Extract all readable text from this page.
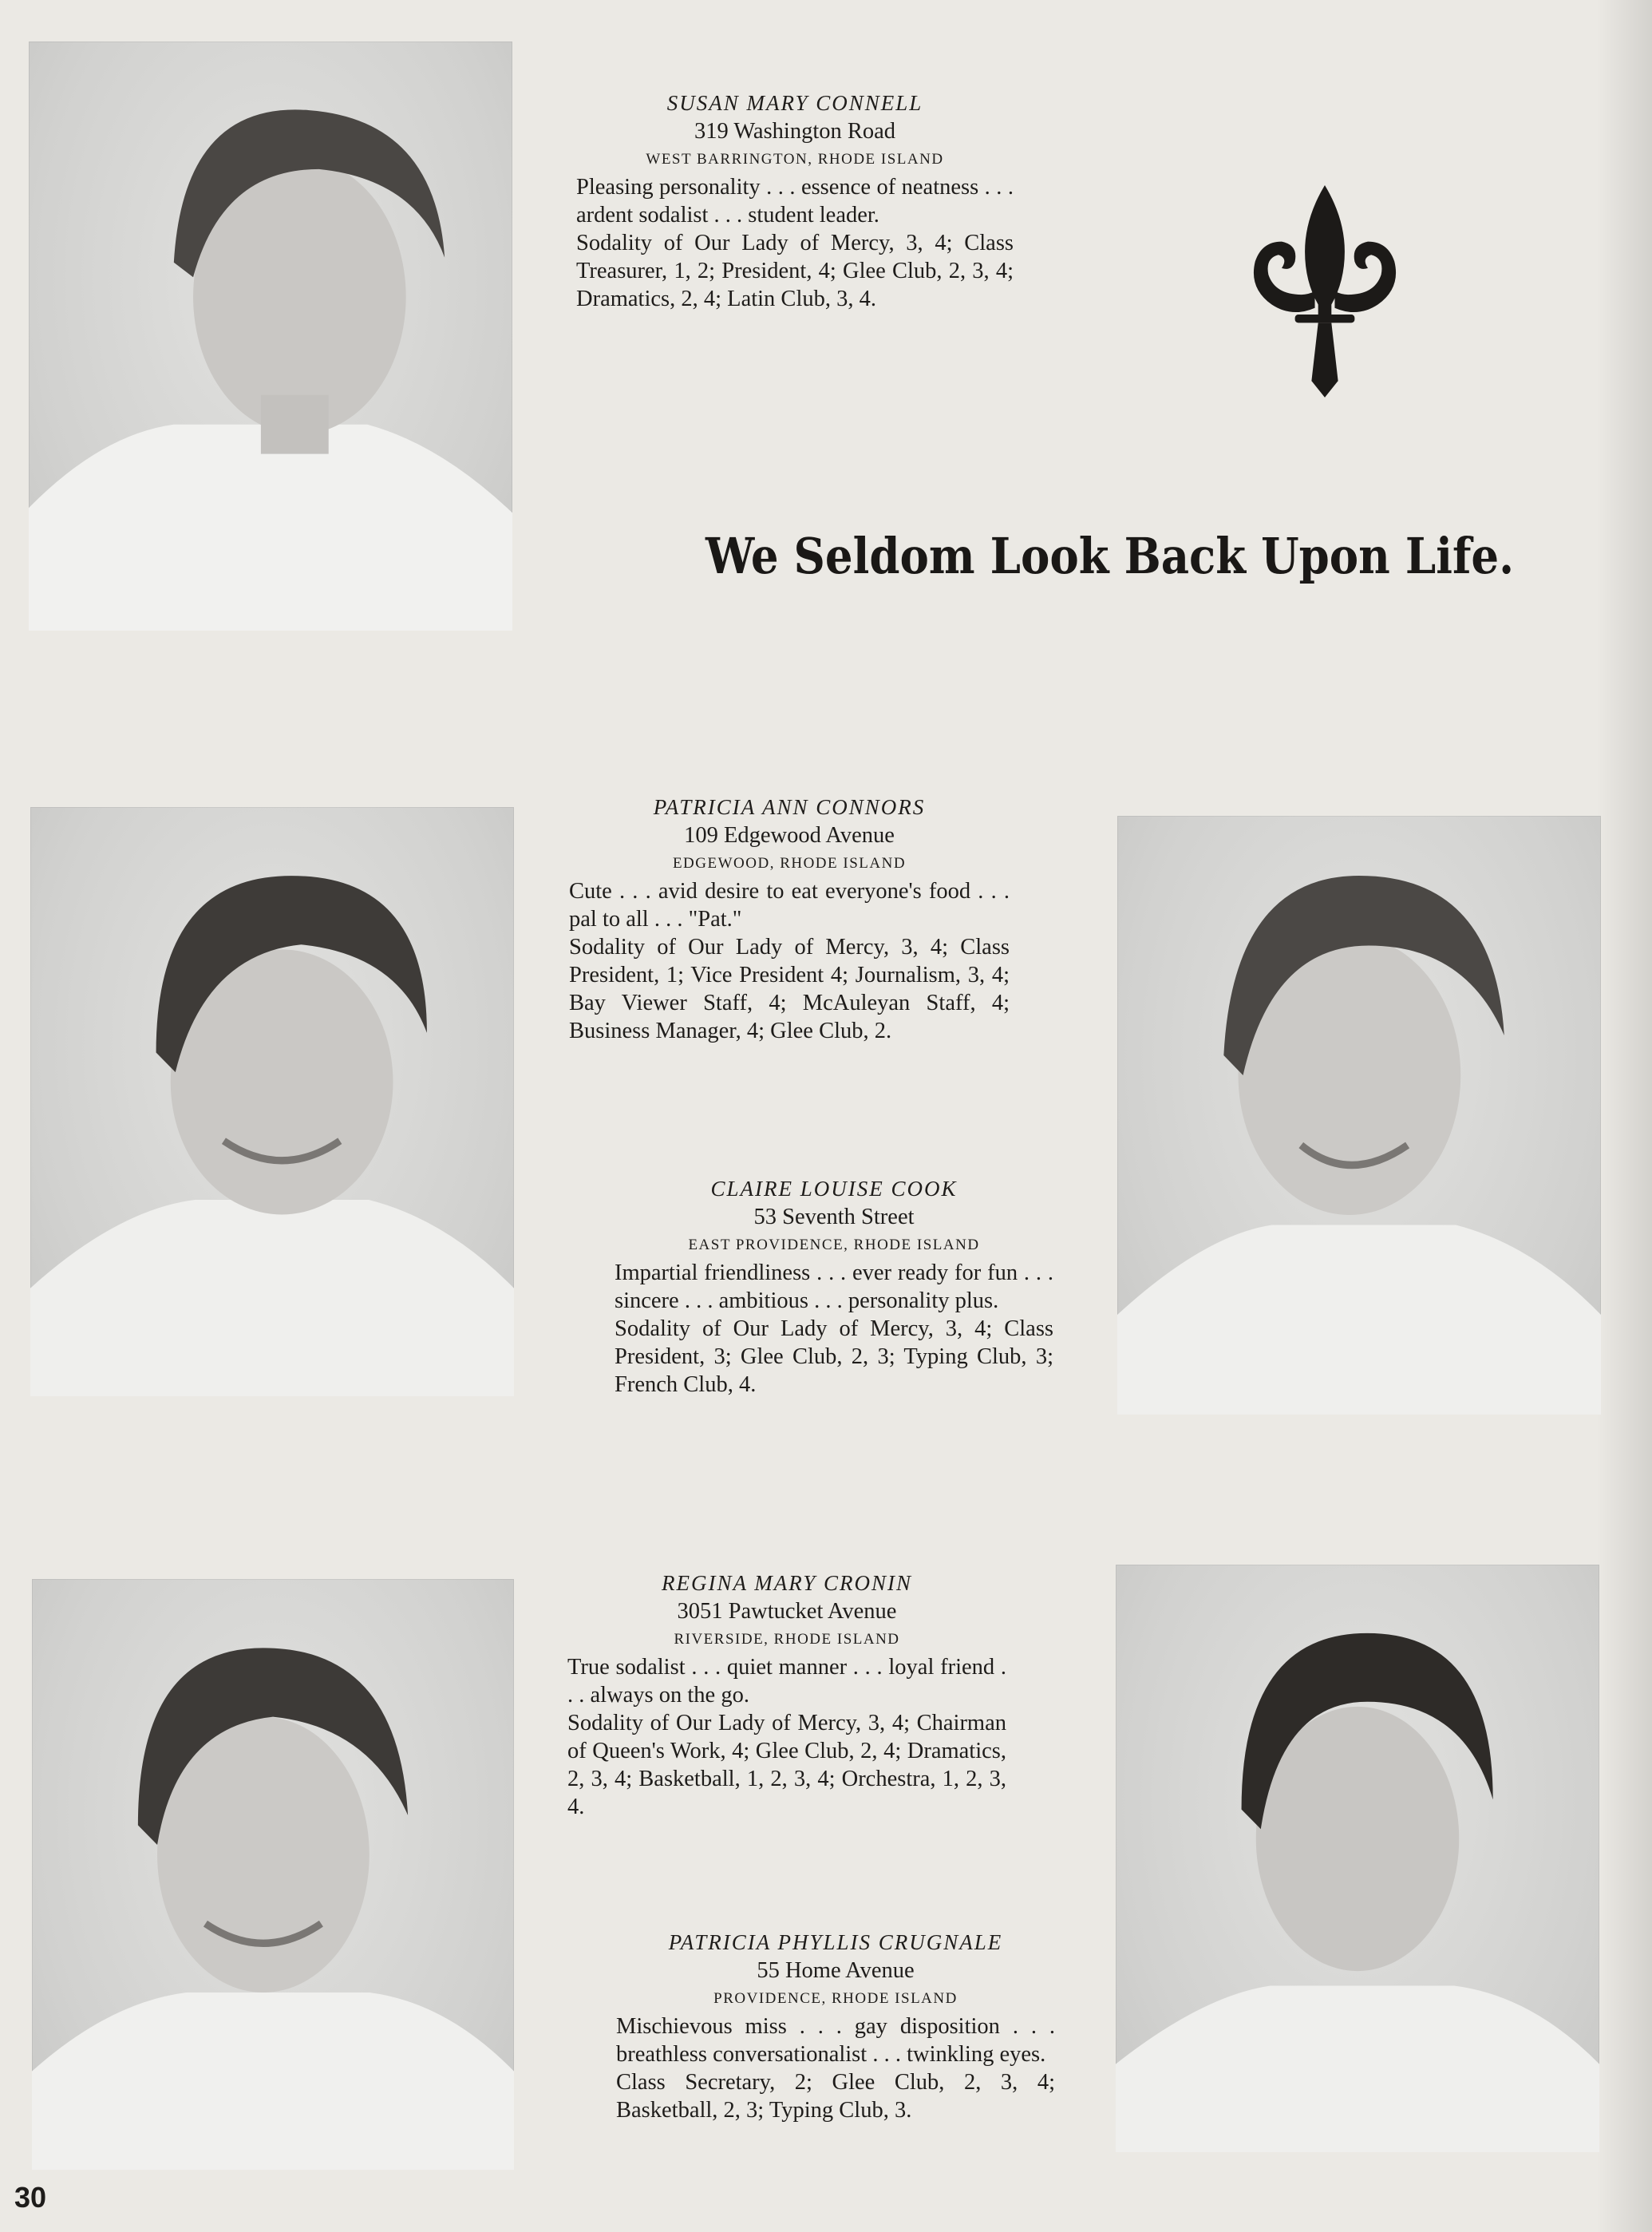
We Seldom Look Back Upon Life.
SUSAN MARY CONNELL
319 Washington Road
WEST BARRINGTON, RHODE ISLAND
Pleasing personality . . . essence of neatness . . . ardent sodalist . . . student leader.
Sodality of Our Lady of Mercy, 3, 4; Class Treasurer, 1, 2; President, 4; Glee Club, 2, 3, 4; Dramatics, 2, 4; Latin Club, 3, 4.
PATRICIA ANN CONNORS
109 Edgewood Avenue
EDGEWOOD, RHODE ISLAND
Cute . . . avid desire to eat everyone's food . . . pal to all . . . "Pat."
Sodality of Our Lady of Mercy, 3, 4; Class President, 1; Vice President 4; Journalism, 3, 4; Bay Viewer Staff, 4; McAuleyan Staff, 4; Business Manager, 4; Glee Club, 2.
CLAIRE LOUISE COOK
53 Seventh Street
EAST PROVIDENCE, RHODE ISLAND
Impartial friendliness . . . ever ready for fun . . . sincere . . . ambitious . . . personality plus.
Sodality of Our Lady of Mercy, 3, 4; Class President, 3; Glee Club, 2, 3; Typing Club, 3; French Club, 4.
REGINA MARY CRONIN
3051 Pawtucket Avenue
RIVERSIDE, RHODE ISLAND
True sodalist . . . quiet manner . . . loyal friend . . . always on the go.
Sodality of Our Lady of Mercy, 3, 4; Chairman of Queen's Work, 4; Glee Club, 2, 4; Dramatics, 2, 3, 4; Basketball, 1, 2, 3, 4; Orchestra, 1, 2, 3, 4.
PATRICIA PHYLLIS CRUGNALE
55 Home Avenue
PROVIDENCE, RHODE ISLAND
Mischievous miss . . . gay disposition . . . breathless conversationalist . . . twinkling eyes.
Class Secretary, 2; Glee Club, 2, 3, 4; Basketball, 2, 3; Typing Club, 3.
30
